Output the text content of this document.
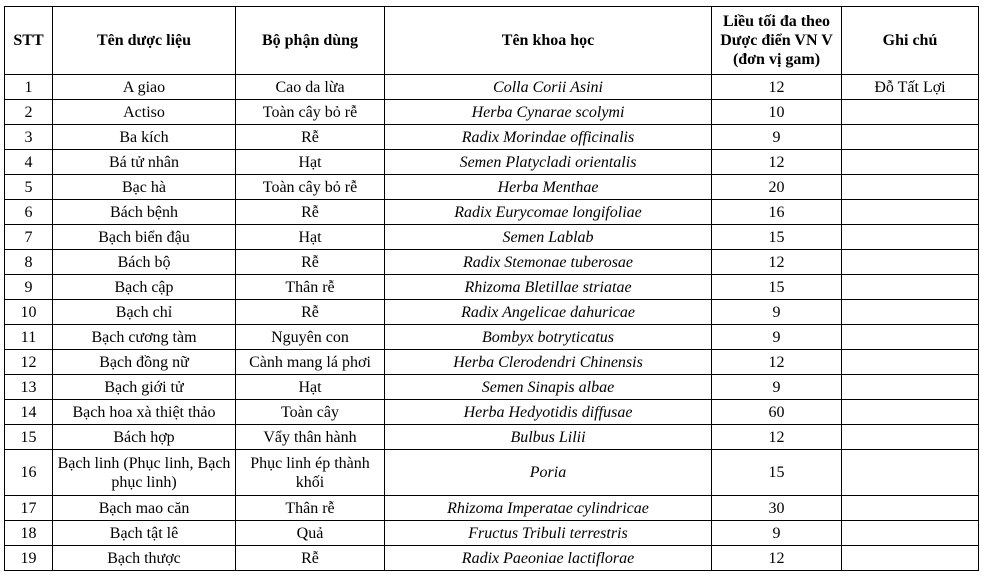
STT	Tên dược liệu	Bộ phận dùng	Tên khoa học	Liều tối đa theo Dược điển VN V (đơn vị gam)	Ghi chú
1	A giao	Cao da lừa	Colla Corii Asini	12	Đỗ Tất Lợi
2	Actiso	Toàn cây bỏ rễ	Herba Cynarae scolymi	10	
3	Ba kích	Rễ	Radix Morindae officinalis	9	
4	Bá tử nhân	Hạt	Semen Platycladi orientalis	12	
5	Bạc hà	Toàn cây bỏ rễ	Herba Menthae	20	
6	Bách bệnh	Rễ	Radix Eurycomae longifoliae	16	
7	Bạch biển đậu	Hạt	Semen Lablab	15	
8	Bách bộ	Rễ	Radix Stemonae tuberosae	12	
9	Bạch cập	Thân rễ	Rhizoma Bletillae striatae	15	
10	Bạch chỉ	Rễ	Radix Angelicae dahuricae	9	
11	Bạch cương tàm	Nguyên con	Bombyx botryticatus	9	
12	Bạch đồng nữ	Cành mang lá phơi	Herba Clerodendri Chinensis	12	
13	Bạch giới tử	Hạt	Semen Sinapis albae	9	
14	Bạch hoa xà thiệt thảo	Toàn cây	Herba Hedyotidis diffusae	60	
15	Bách hợp	Vẩy thân hành	Bulbus Lilii	12	
16	Bạch linh (Phục linh, Bạch phục linh)	Phục linh ép thành khối	Poria	15	
17	Bạch mao căn	Thân rễ	Rhizoma Imperatae cylindricae	30	
18	Bạch tật lê	Quả	Fructus Tribuli terrestris	9	
19	Bạch thược	Rễ	Radix Paeoniae lactiflorae	12	
